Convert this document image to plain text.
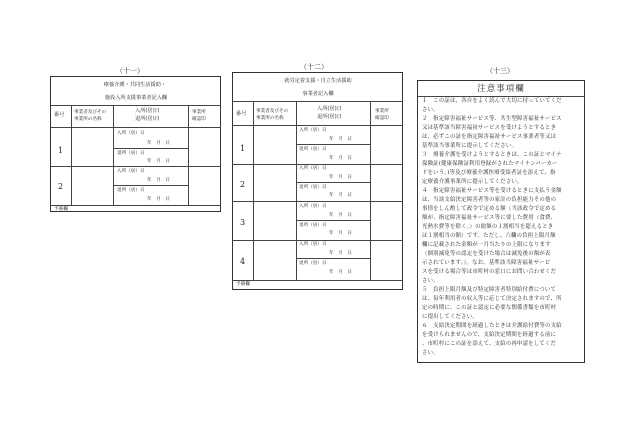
（十一）
療養介護・共同生活援助・
施設入所支援事業者記入欄
番号 事業者及びその
事業所の名称
入所(居)日
退所(居)日
事業所
確認印
1
入所（居）日
年　月　日
退所（居）日
年　月　日
2
入所（居）日
年　月　日
退所（居）日
年　月　日
予備欄
（十二）
就労定着支援・自立生活援助
事業者記入欄
番号 事業者及びその
事業所の名称
入所(居)日
退所(居)日
事業所
確認印
1
入所（居）日
年　月　日
退所（居）日
年　月　日
2
入所（居）日
年　月　日
退所（居）日
年　月　日
3
入所（居）日
年　月　日
退所（居）日
年　月　日
4
入所（居）日
年　月　日
退所（居）日
年　月　日
予備欄
（十三）
注意事項欄
１　この証は、各自をよく読んで大切に持っていてくだ
さい。
２　指定障害福祉サービス等、共生型障害福祉サービス
又は基準該当障害福祉サービスを受けようとするとき
は、必ずこの証を指定障害福祉サービス事業者等又は
基準該当事業所に提示してください。
３　療養介護を受けようとするときは、この証とマイナ
保険証(健康保険証利用登録がされたマイナンバーカー
ドをいう。)等及び療養介護医療受給者証を添えて、指
定療養介護事業所に提示してください。
４　指定障害福祉サービス等を受けるときに支払う金額
は、当該支給決定障害者等の家計の負担能力その他の
事情をしん酌して政令で定める額（当該政令で定める
額が、指定障害福祉サービス等に要した費用（食費、
光熱水費等を除く。）の総額の１割相当を超えるとき
は１割相当の額）です。ただし、六欄の負担上限月額
欄に記載された金額が一月当たりの上限になります
（個別減免等の認定を受けた場合は減免後の額が表
示されています。）。なお、基準該当障害福祉サービ
スを受ける場合等は市町村の窓口にお問い合わせくだ
さい。
５　負担上限月額及び特定障害者特別給付費について
は、毎年利用者の収入等に応じて決定されますので、所
定の時期に、この証と認定に必要な関係書類を市町村
に提出してください。
６　支給決定期間を経過したときは介護給付費等の支給
を受けられませんので、支給決定期間を経過する前に
、市町村にこの証を添えて、支給の再申請をしてくだ
さい。
